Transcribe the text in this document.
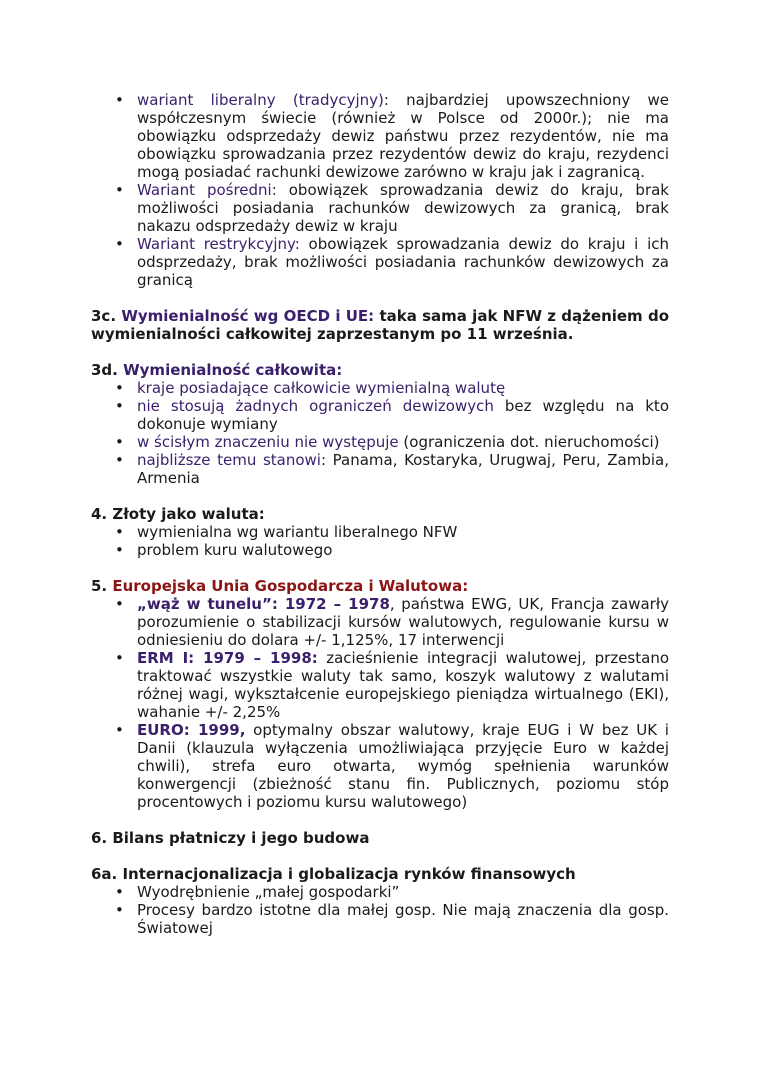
• wariant liberalny (tradycyjny): najbardziej upowszechniony we współczesnym świecie (również w Polsce od 2000r.); nie ma obowiązku odsprzedaży dewiz państwu przez rezydentów, nie ma obowiązku sprowadzania przez rezydentów dewiz do kraju, rezydenci mogą posiadać rachunki dewizowe zarówno w kraju jak i zagranicą.
• Wariant pośredni: obowiązek sprowadzania dewiz do kraju, brak możliwości posiadania rachunków dewizowych za granicą, brak nakazu odsprzedaży dewiz w kraju
• Wariant restrykcyjny: obowiązek sprowadzania dewiz do kraju i ich odsprzedaży, brak możliwości posiadania rachunków dewizowych za granicą
3c. Wymienialność wg OECD i UE: taka sama jak NFW z dążeniem do wymienialności całkowitej zaprzestanym po 11 września.
3d. Wymienialność całkowita:
• kraje posiadające całkowicie wymienialną walutę
• nie stosują żadnych ograniczeń dewizowych bez względu na kto dokonuje wymiany
• w ścisłym znaczeniu nie występuje (ograniczenia dot. nieruchomości)
• najbliższe temu stanowi: Panama, Kostaryka, Urugwaj, Peru, Zambia, Armenia
4. Złoty jako waluta:
• wymienialna wg wariantu liberalnego NFW
• problem kuru walutowego
5. Europejska Unia Gospodarcza i Walutowa:
• „wąż w tunelu”: 1972 – 1978, państwa EWG, UK, Francja zawarły porozumienie o stabilizacji kursów walutowych, regulowanie kursu w odniesieniu do dolara +/- 1,125%, 17 interwencji
• ERM I: 1979 – 1998: zacieśnienie integracji walutowej, przestano traktować wszystkie waluty tak samo, koszyk walutowy z walutami różnej wagi, wykształcenie europejskiego pieniądza wirtualnego (EKI), wahanie +/- 2,25%
• EURO: 1999, optymalny obszar walutowy, kraje EUG i W bez UK i Danii (klauzula wyłączenia umożliwiająca przyjęcie Euro w każdej chwili), strefa euro otwarta, wymóg spełnienia warunków konwergencji (zbieżność stanu fin. Publicznych, poziomu stóp procentowych i poziomu kursu walutowego)
6. Bilans płatniczy i jego budowa
6a. Internacjonalizacja i globalizacja rynków finansowych
• Wyodrębnienie „małej gospodarki”
• Procesy bardzo istotne dla małej gosp. Nie mają znaczenia dla gosp. Światowej
